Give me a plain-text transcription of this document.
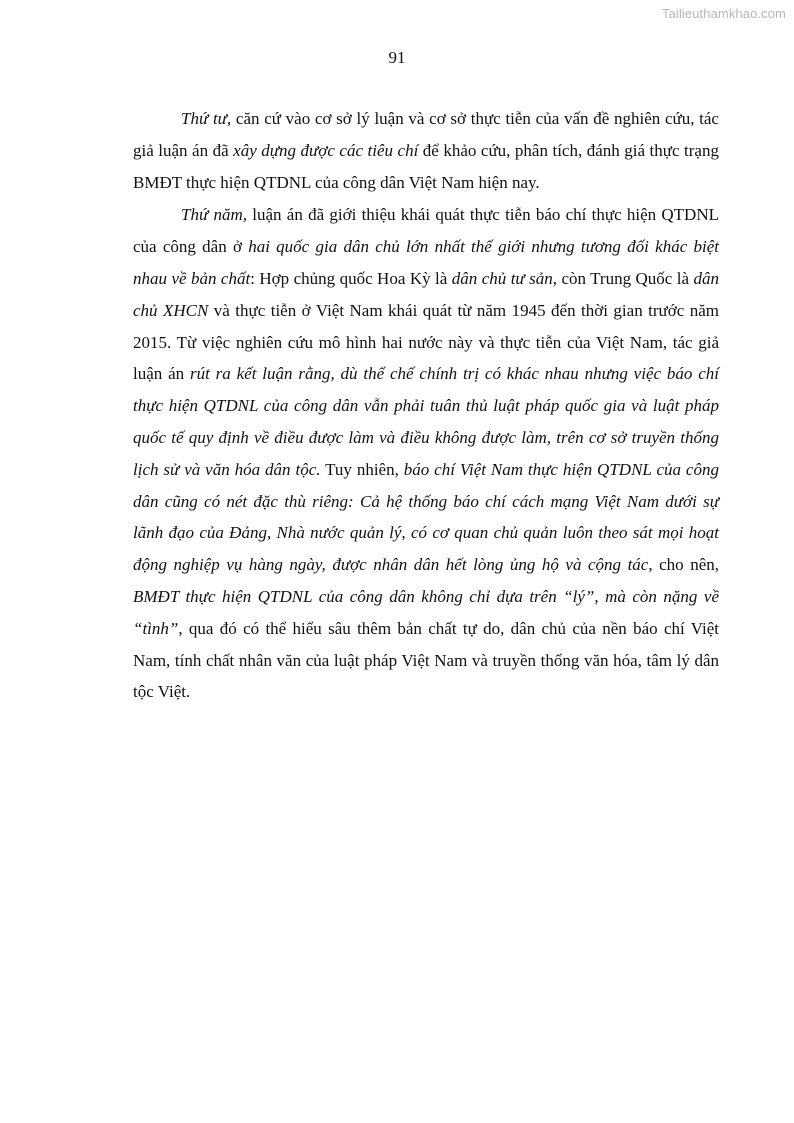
Tailieuthamkhao.com
91

Thứ tư, căn cứ vào cơ sở lý luận và cơ sở thực tiễn của vấn đề nghiên cứu, tác giả luận án đã xây dựng được các tiêu chí để khảo cứu, phân tích, đánh giá thực trạng BMĐT thực hiện QTDNL của công dân Việt Nam hiện nay.

Thứ năm, luận án đã giới thiệu khái quát thực tiễn báo chí thực hiện QTDNL của công dân ở hai quốc gia dân chủ lớn nhất thế giới nhưng tương đối khác biệt nhau về bản chất: Hợp chủng quốc Hoa Kỳ là dân chủ tư sản, còn Trung Quốc là dân chủ XHCN và thực tiễn ở Việt Nam khái quát từ năm 1945 đến thời gian trước năm 2015. Từ việc nghiên cứu mô hình hai nước này và thực tiễn của Việt Nam, tác giả luận án rút ra kết luận rằng, dù thể chế chính trị có khác nhau nhưng việc báo chí thực hiện QTDNL của công dân vẫn phải tuân thủ luật pháp quốc gia và luật pháp quốc tế quy định về điều được làm và điều không được làm, trên cơ sở truyền thống lịch sử và văn hóa dân tộc. Tuy nhiên, báo chí Việt Nam thực hiện QTDNL của công dân cũng có nét đặc thù riêng: Cả hệ thống báo chí cách mạng Việt Nam dưới sự lãnh đạo của Đảng, Nhà nước quản lý, có cơ quan chủ quản luôn theo sát mọi hoạt động nghiệp vụ hàng ngày, được nhân dân hết lòng ủng hộ và cộng tác, cho nên, BMĐT thực hiện QTDNL của công dân không chỉ dựa trên “lý”, mà còn nặng về “tình”, qua đó có thể hiểu sâu thêm bản chất tự do, dân chủ của nền báo chí Việt Nam, tính chất nhân văn của luật pháp Việt Nam và truyền thống văn hóa, tâm lý dân tộc Việt.
